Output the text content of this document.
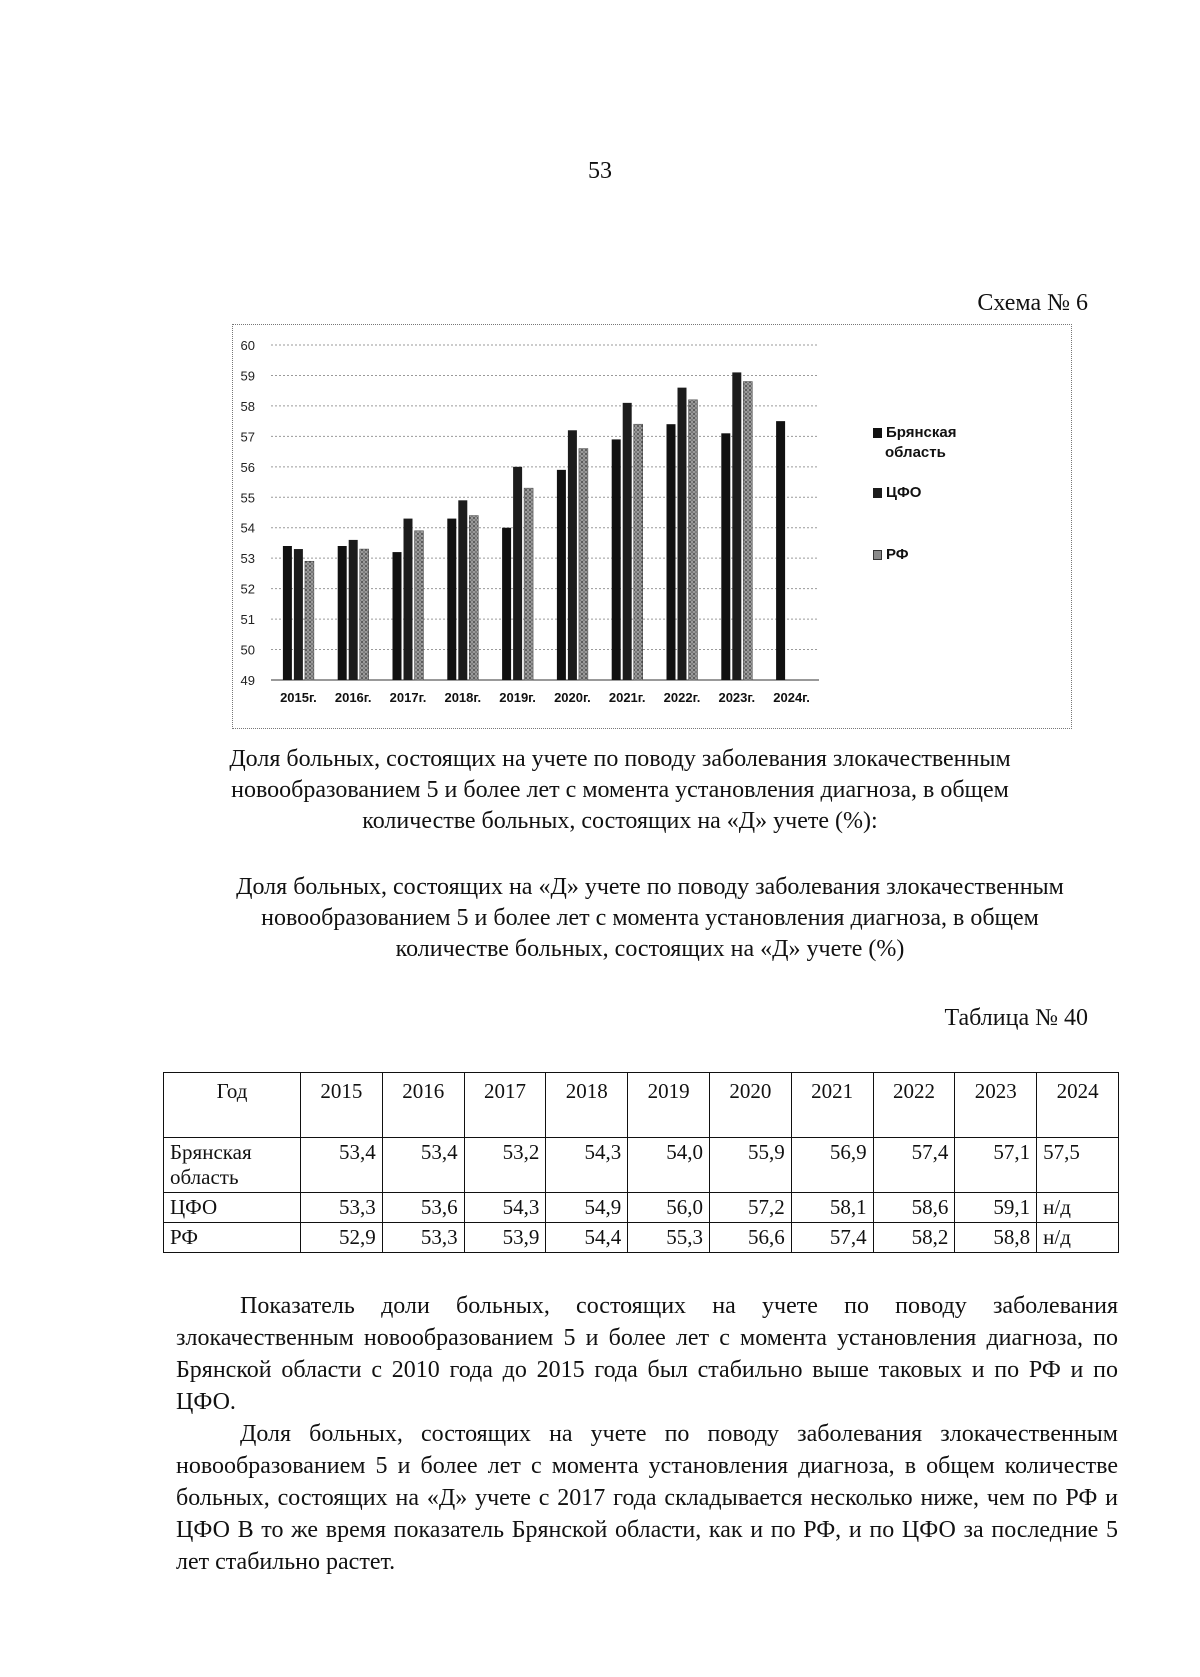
53
Схема № 6
60
59
58
57
56
55
54
53
52
51
50
49
2015г. 2016г. 2017г. 2018г. 2019г. 2020г. 2021г. 2022г. 2023г. 2024г.
Брянская
область
ЦФО
РФ
Доля больных, состоящих на учете по поводу заболевания злокачественным новообразованием 5 и более лет с момента установления диагноза, в общем количестве больных, состоящих на «Д» учете (%):
Доля больных, состоящих на «Д» учете по поводу заболевания злокачественным новообразованием 5 и более лет с момента установления диагноза, в общем количестве больных, состоящих на «Д» учете (%)
Таблица № 40
Год	2015	2016	2017	2018	2019	2020	2021	2022	2023	2024
Брянская область	53,4	53,4	53,2	54,3	54,0	55,9	56,9	57,4	57,1	57,5
ЦФО	53,3	53,6	54,3	54,9	56,0	57,2	58,1	58,6	59,1	н/д
РФ	52,9	53,3	53,9	54,4	55,3	56,6	57,4	58,2	58,8	н/д
Показатель доли больных, состоящих на учете по поводу заболевания злокачественным новообразованием 5 и более лет с момента установления диагноза, по Брянской области с 2010 года до 2015 года был стабильно выше таковых и по РФ и по ЦФО.
Доля больных, состоящих на учете по поводу заболевания злокачественным новообразованием 5 и более лет с момента установления диагноза, в общем количестве больных, состоящих на «Д» учете с 2017 года складывается несколько ниже, чем по РФ и ЦФО В то же время показатель Брянской области, как и по РФ, и по ЦФО за последние 5 лет стабильно растет.
